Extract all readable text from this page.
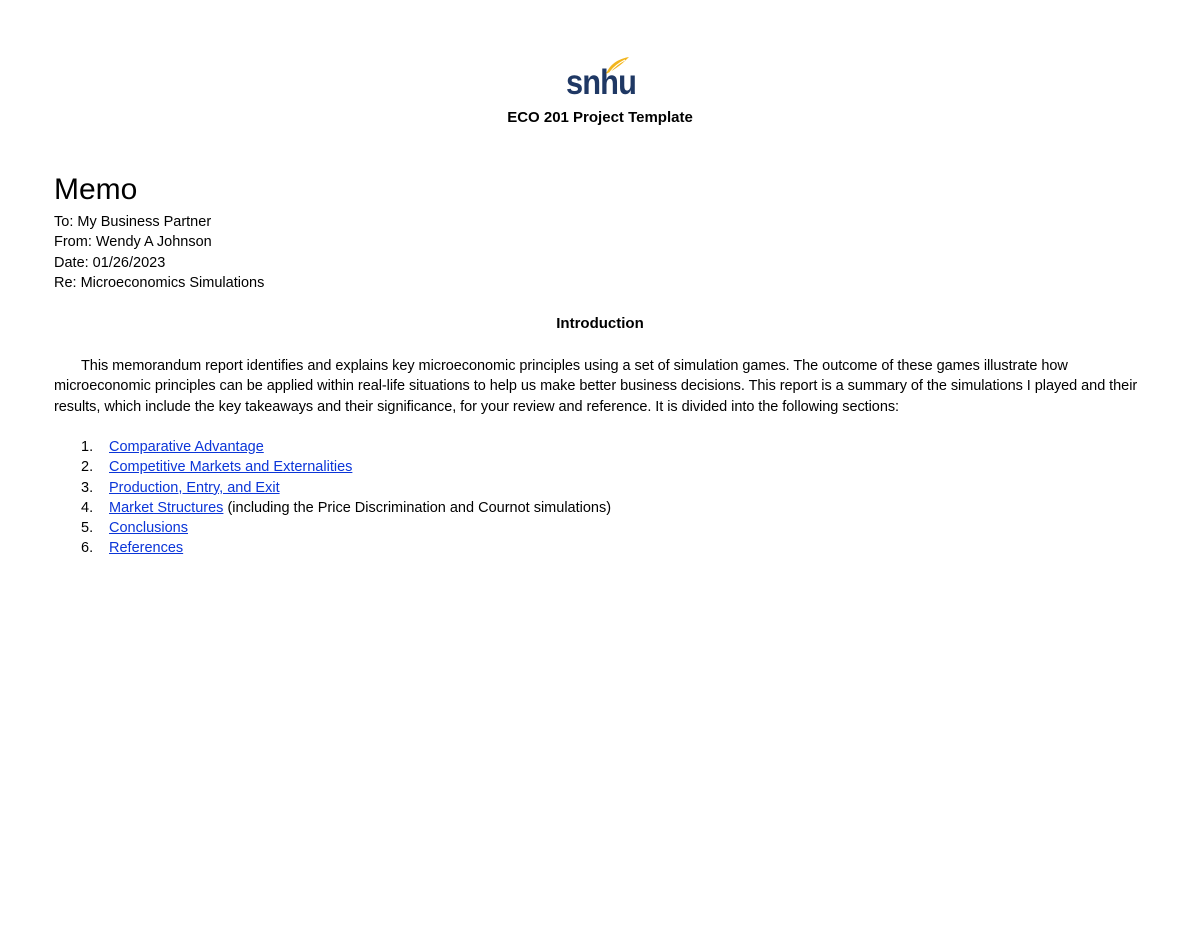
snhu
ECO 201 Project Template
Memo
To: My Business Partner
From: Wendy A Johnson
Date: 01/26/2023
Re: Microeconomics Simulations
Introduction

This memorandum report identifies and explains key microeconomic principles using a set of simulation games. The outcome of these games illustrate how microeconomic principles can be applied within real-life situations to help us make better business decisions. This report is a summary of the simulations I played and their results, which include the key takeaways and their significance, for your review and reference. It is divided into the following sections:

1. Comparative Advantage
2. Competitive Markets and Externalities
3. Production, Entry, and Exit
4. Market Structures (including the Price Discrimination and Cournot simulations)
5. Conclusions
6. References
